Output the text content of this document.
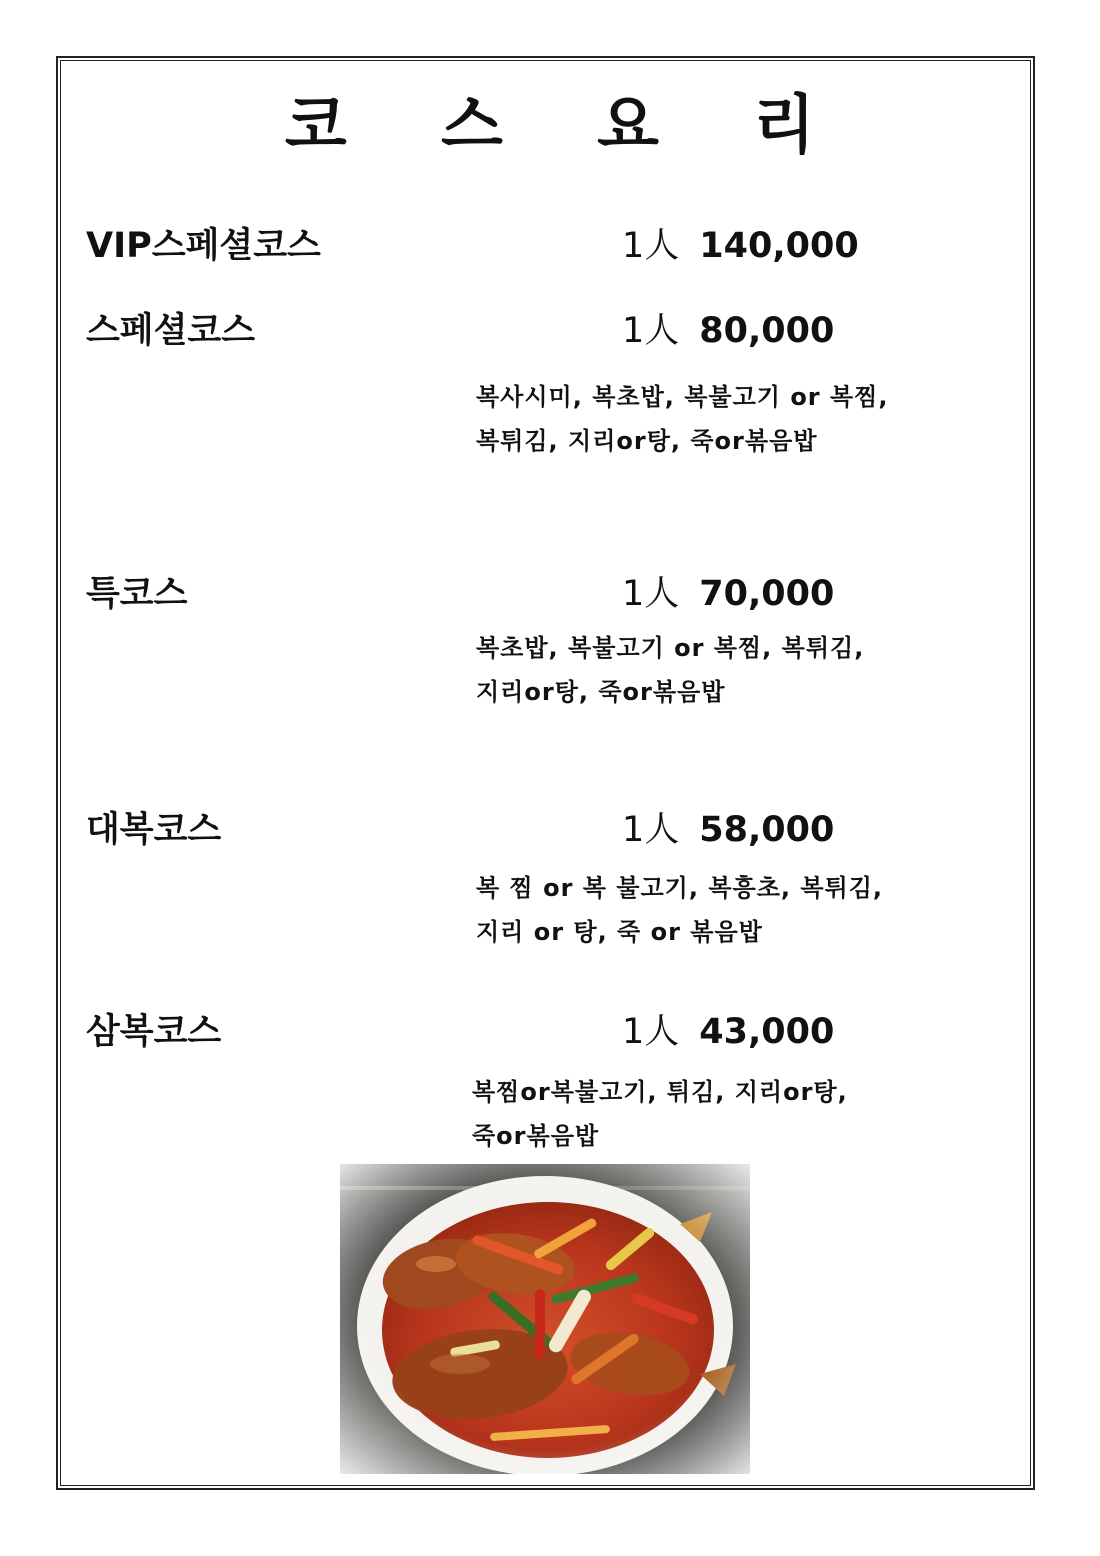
코 스 요 리
VIP스페셜코스	1人 140,000
스페셜코스	1人 80,000
복사시미, 복초밥, 복불고기 or 복찜,
복튀김, 지리or탕, 죽or볶음밥
특코스	1人 70,000
복초밥, 복불고기 or 복찜, 복튀김,
지리or탕, 죽or볶음밥
대복코스	1人 58,000
복 찜 or 복 불고기, 복흥초, 복튀김,
지리 or 탕, 죽 or 볶음밥
삼복코스	1人 43,000
복찜or복불고기, 튀김, 지리or탕,
죽or볶음밥
